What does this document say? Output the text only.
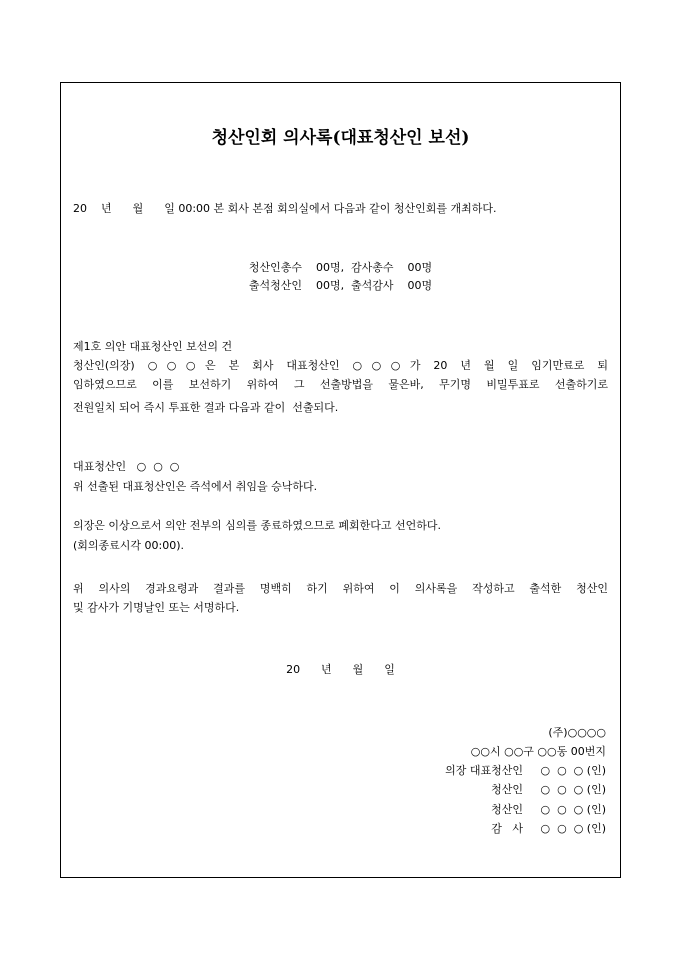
청산인회 의사록(대표청산인 보선)
20    년      월      일 00:00 본 회사 본점 회의실에서 다음과 같이 청산인회를 개최하다.
청산인총수    00명,  감사총수    00명
출석청산인    00명,  출석감사    00명
제1호 의안 대표청산인 보선의 건
청산인(의장) ○○○은 본 회사 대표청산인 ○○○가 20 년 월 일 임기만료로 퇴
임하였으므로 이를 보선하기 위하여 그 선출방법을 물은바, 무기명 비밀투표로 선출하기로
전원일치 되어 즉시 투표한 결과 다음과 같이  선출되다.
대표청산인   ○  ○  ○
위 선출된 대표청산인은 즉석에서 취임을 승낙하다.
의장은 이상으로서 의안 전부의 심의를 종료하였으므로 폐회한다고 선언하다.
(회의종료시각 00:00).
위 의사의 경과요령과 결과를 명백히 하기 위하여 이 의사록을 작성하고 출석한 청산인
및 감사가 기명날인 또는 서명하다.
20      년      월      일
(주)○○○○
○○시 ○○구 ○○동 00번지
의장 대표청산인     ○  ○  ○ (인)
청산인     ○  ○  ○ (인)
청산인     ○  ○  ○ (인)
감   사     ○  ○  ○ (인)
